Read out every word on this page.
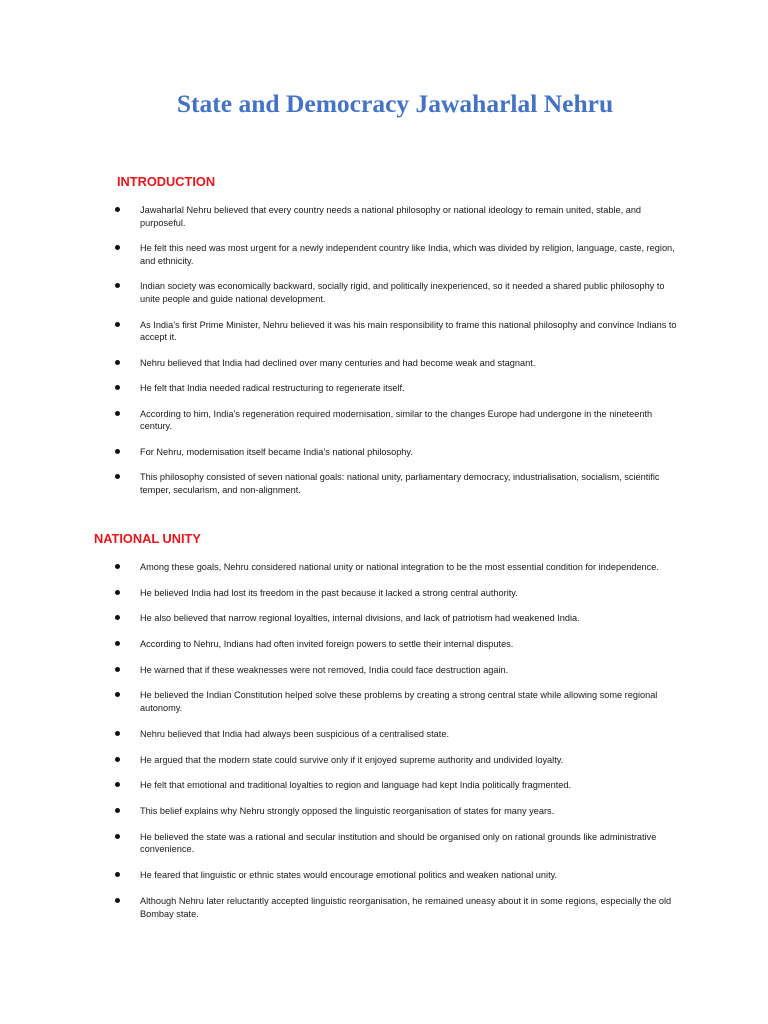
State and Democracy Jawaharlal Nehru
INTRODUCTION
Jawaharlal Nehru believed that every country needs a national philosophy or national ideology to remain united, stable, and purposeful.
He felt this need was most urgent for a newly independent country like India, which was divided by religion, language, caste, region, and ethnicity.
Indian society was economically backward, socially rigid, and politically inexperienced, so it needed a shared public philosophy to unite people and guide national development.
As India’s first Prime Minister, Nehru believed it was his main responsibility to frame this national philosophy and convince Indians to accept it.
Nehru believed that India had declined over many centuries and had become weak and stagnant.
He felt that India needed radical restructuring to regenerate itself.
According to him, India’s regeneration required modernisation, similar to the changes Europe had undergone in the nineteenth century.
For Nehru, modernisation itself became India’s national philosophy.
This philosophy consisted of seven national goals: national unity, parliamentary democracy, industrialisation, socialism, scientific temper, secularism, and non-alignment.
NATIONAL UNITY
Among these goals, Nehru considered national unity or national integration to be the most essential condition for independence.
He believed India had lost its freedom in the past because it lacked a strong central authority.
He also believed that narrow regional loyalties, internal divisions, and lack of patriotism had weakened India.
According to Nehru, Indians had often invited foreign powers to settle their internal disputes.
He warned that if these weaknesses were not removed, India could face destruction again.
He believed the Indian Constitution helped solve these problems by creating a strong central state while allowing some regional autonomy.
Nehru believed that India had always been suspicious of a centralised state.
He argued that the modern state could survive only if it enjoyed supreme authority and undivided loyalty.
He felt that emotional and traditional loyalties to region and language had kept India politically fragmented.
This belief explains why Nehru strongly opposed the linguistic reorganisation of states for many years.
He believed the state was a rational and secular institution and should be organised only on rational grounds like administrative convenience.
He feared that linguistic or ethnic states would encourage emotional politics and weaken national unity.
Although Nehru later reluctantly accepted linguistic reorganisation, he remained uneasy about it in some regions, especially the old Bombay state.
